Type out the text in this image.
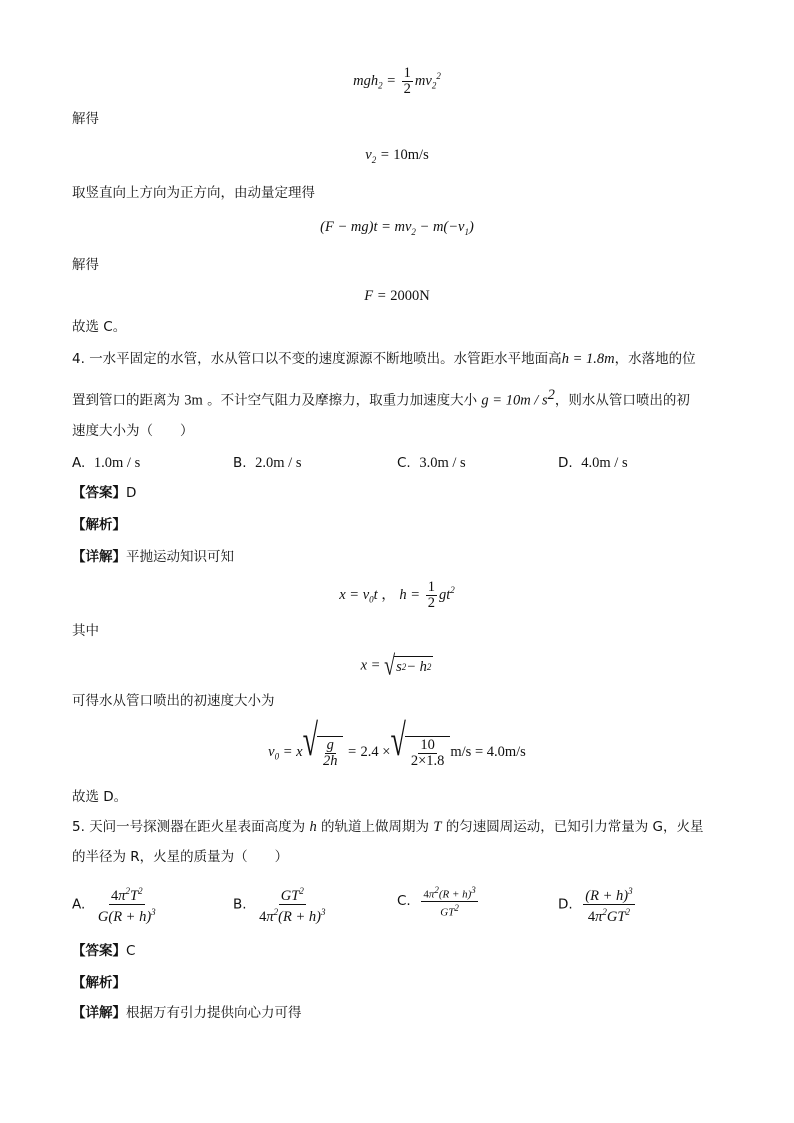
$mgh_2 = \frac{1}{2} mv_2^2$
解得
$v_2 = 10m/s$
取竖直向上方向为正方向，由动量定理得
$(F - mg)t = mv_2 - m(-v_1)$
解得
F = 2000N
故选 C。
4. 一水平固定的水管，水从管口以不变的速度源源不断地喷出。水管距水平地面高h = 1.8m，水落地的位
置到管口的距离为 3m 。不计空气阻力及摩擦力，取重力加速度大小 $g = 10m / s^2$，则水从管口喷出的初
速度大小为（　　）
A. 1.0m / s	B. 2.0m / s	C. 3.0m / s	D. 4.0m / s
【答案】D
【解析】
【详解】平抛运动知识可知
$x = v_0t$ ， $h = \frac{1}{2} gt^2$
其中
x = √ s 2 − h 2
可得水从管口喷出的初速度大小为
$v_0 = x$ √ $\frac{g}{2h} = 2.4$ × √ $\frac{10}{2\times 1.8} m/s = 4.0m/s$
故选 D。
5. 天问一号探测器在距火星表面高度为 h 的轨道上做周期为 T 的匀速圆周运动，已知引力常量为 G，火星
的半径为 R，火星的质量为（　　）
A. $\frac{4\pi^2T^2}{G(R + h)^3}$	B. $\frac{GT^2}{4\pi^2(R + h)^3}$	C. $\frac{4\pi^2(R + h)^3}{GT^2}$	D. $\frac{(R + h)^3}{4\pi^2GT^2}$
【答案】C
【解析】
【详解】根据万有引力提供向心力可得
